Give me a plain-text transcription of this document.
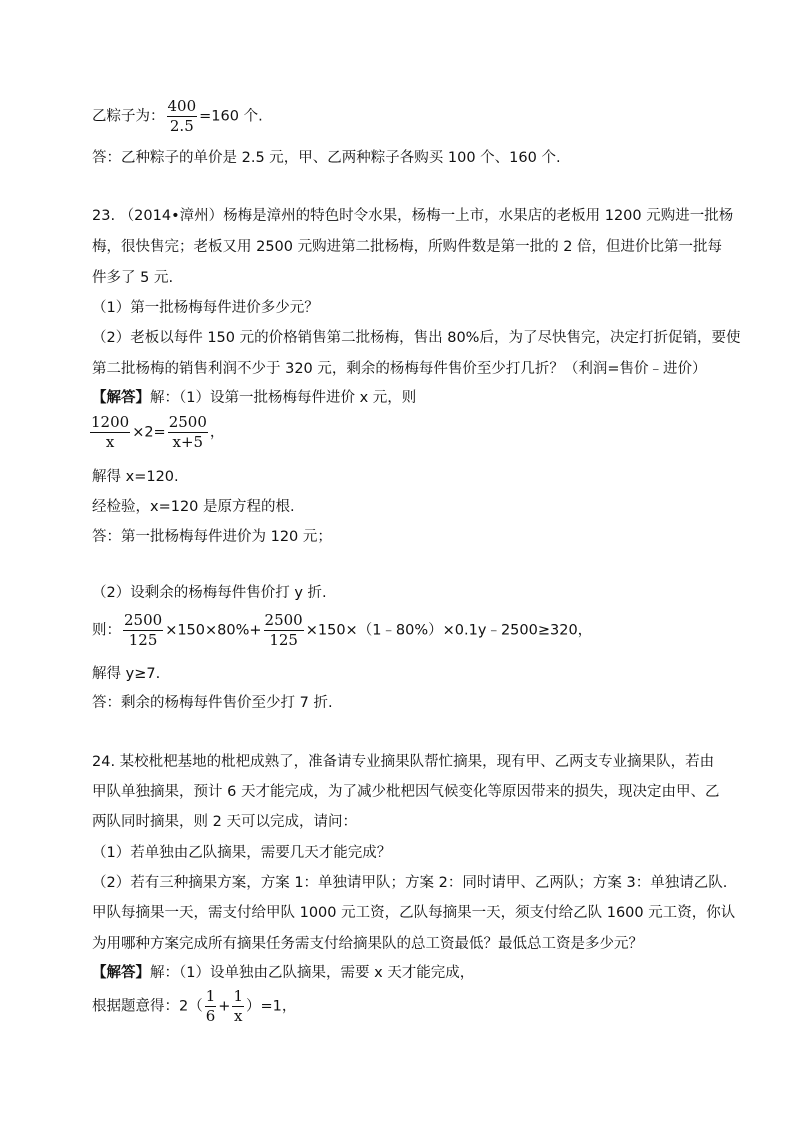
乙粽子为： $\frac{400}{2.5} =160$ 个.
答：乙种粽子的单价是 2.5 元，甲、乙两种粽子各购买 100 个、160 个.
23. （2014•漳州）杨梅是漳州的特色时令水果，杨梅一上市，水果店的老板用 1200 元购进一批杨
梅，很快售完；老板又用 2500 元购进第二批杨梅，所购件数是第一批的 2 倍，但进价比第一批每
件多了 5 元.
（1）第一批杨梅每件进价多少元？
（2）老板以每件 150 元的价格销售第二批杨梅，售出 80%后，为了尽快售完，决定打折促销，要使
第二批杨梅的销售利润不少于 320 元，剩余的杨梅每件售价至少打几折？（利润=售价﹣进价）
【解答】解：（1）设第一批杨梅每件进价 x 元，则
$\frac{1200}{x} \times 2= \frac{2500}{x+5}$ ，
解得 x=120.
经检验，x=120 是原方程的根.
答：第一批杨梅每件进价为 120 元；
（2）设剩余的杨梅每件售价打 y 折.
则： $\frac{2500}{125} \times 150\times 80\%+ \frac{2500}{125}$ ×150×（1﹣80%）×0.1y﹣2500≥320，
解得 y≥7.
答：剩余的杨梅每件售价至少打 7 折.
24. 某校枇杷基地的枇杷成熟了，准备请专业摘果队帮忙摘果，现有甲、乙两支专业摘果队，若由
甲队单独摘果，预计 6 天才能完成，为了减少枇杷因气候变化等原因带来的损失，现决定由甲、乙
两队同时摘果，则 2 天可以完成，请问：
（1）若单独由乙队摘果，需要几天才能完成？
（2）若有三种摘果方案，方案 1：单独请甲队；方案 2：同时请甲、乙两队；方案 3：单独请乙队.
甲队每摘果一天，需支付给甲队 1000 元工资，乙队每摘果一天，须支付给乙队 1600 元工资，你认
为用哪种方案完成所有摘果任务需支付给摘果队的总工资最低？最低总工资是多少元？
【解答】解：（1）设单独由乙队摘果，需要 x 天才能完成，
根据题意得：$2( \frac{1}{6} + \frac{1}{x} )=1$，
